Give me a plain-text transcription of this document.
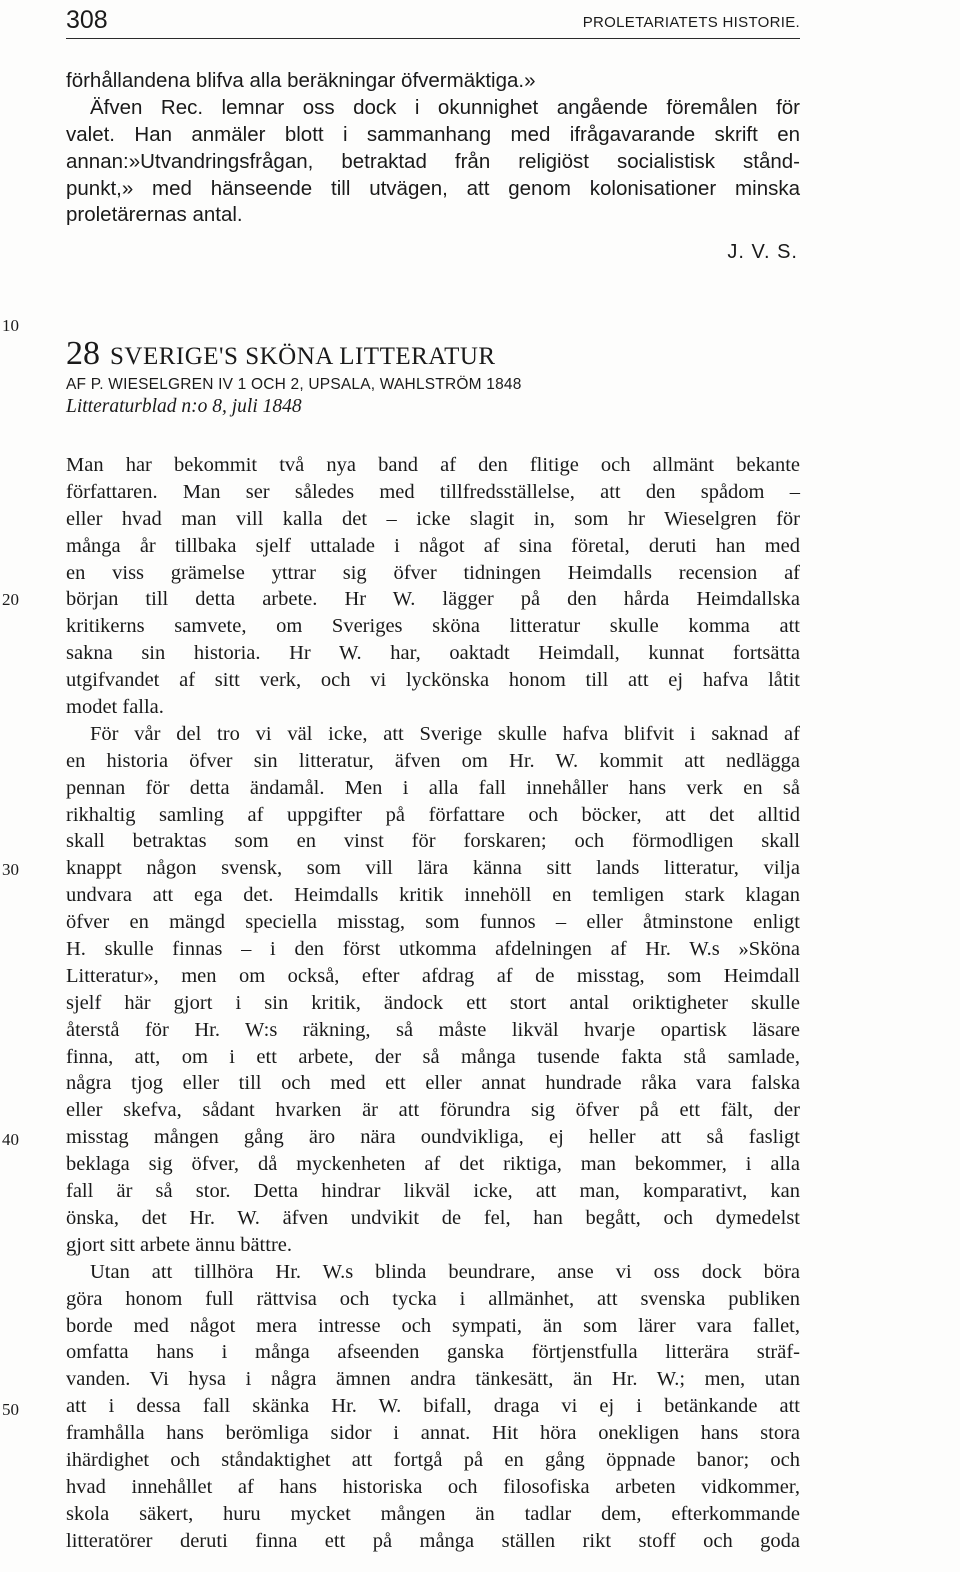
308	PROLETARIATETS HISTORIE.
förhållandena blifva alla beräkningar öfvermäktiga.»
Äfven Rec. lemnar oss dock i okunnighet angående föremålen för
valet. Han anmäler blott i sammanhang med ifrågavarande skrift en
annan:»Utvandringsfrågan, betraktad från religiöst socialistisk stånd-
punkt,» med hänseende till utvägen, att genom kolonisationer minska
proletärernas antal.
J. V. S.
10
20
30
40
50
28 SVERIGE'S SKÖNA LITTERATUR
AF P. WIESELGREN IV 1 OCH 2, UPSALA, WAHLSTRÖM 1848
Litteraturblad n:o 8, juli 1848
Man har bekommit två nya band af den flitige och allmänt bekante
författaren. Man ser således med tillfredsställelse, att den spådom –
eller hvad man vill kalla det – icke slagit in, som hr Wieselgren för
många år tillbaka sjelf uttalade i något af sina företal, deruti han med
en viss grämelse yttrar sig öfver tidningen Heimdalls recension af
början till detta arbete. Hr W. lägger på den hårda Heimdallska
kritikerns samvete, om Sveriges sköna litteratur skulle komma att
sakna sin historia. Hr W. har, oaktadt Heimdall, kunnat fortsätta
utgifvandet af sitt verk, och vi lyckönska honom till att ej hafva låtit
modet falla.
För vår del tro vi väl icke, att Sverige skulle hafva blifvit i saknad af
en historia öfver sin litteratur, äfven om Hr. W. kommit att nedlägga
pennan för detta ändamål. Men i alla fall innehåller hans verk en så
rikhaltig samling af uppgifter på författare och böcker, att det alltid
skall betraktas som en vinst för forskaren; och förmodligen skall
knappt någon svensk, som vill lära känna sitt lands litteratur, vilja
undvara att ega det. Heimdalls kritik innehöll en temligen stark klagan
öfver en mängd speciella misstag, som funnos – eller åtminstone enligt
H. skulle finnas – i den först utkomma afdelningen af Hr. W.s »Sköna
Litteratur», men om också, efter afdrag af de misstag, som Heimdall
sjelf här gjort i sin kritik, ändock ett stort antal oriktigheter skulle
återstå för Hr. W:s räkning, så måste likväl hvarje opartisk läsare
finna, att, om i ett arbete, der så många tusende fakta stå samlade,
några tjog eller till och med ett eller annat hundrade råka vara falska
eller skefva, sådant hvarken är att förundra sig öfver på ett fält, der
misstag mången gång äro nära oundvikliga, ej heller att så fasligt
beklaga sig öfver, då myckenheten af det riktiga, man bekommer, i alla
fall är så stor. Detta hindrar likväl icke, att man, komparativt, kan
önska, det Hr. W. äfven undvikit de fel, han begått, och dymedelst
gjort sitt arbete ännu bättre.
Utan att tillhöra Hr. W.s blinda beundrare, anse vi oss dock böra
göra honom full rättvisa och tycka i allmänhet, att svenska publiken
borde med något mera intresse och sympati, än som lärer vara fallet,
omfatta hans i många afseenden ganska förtjenstfulla litterära sträf-
vanden. Vi hysa i några ämnen andra tänkesätt, än Hr. W.; men, utan
att i dessa fall skänka Hr. W. bifall, draga vi ej i betänkande att
framhålla hans berömliga sidor i annat. Hit höra onekligen hans stora
ihärdighet och ståndaktighet att fortgå på en gång öppnade banor; och
hvad innehållet af hans historiska och filosofiska arbeten vidkommer,
skola säkert, huru mycket mången än tadlar dem, efterkommande
litteratörer deruti finna ett på många ställen rikt stoff och goda
